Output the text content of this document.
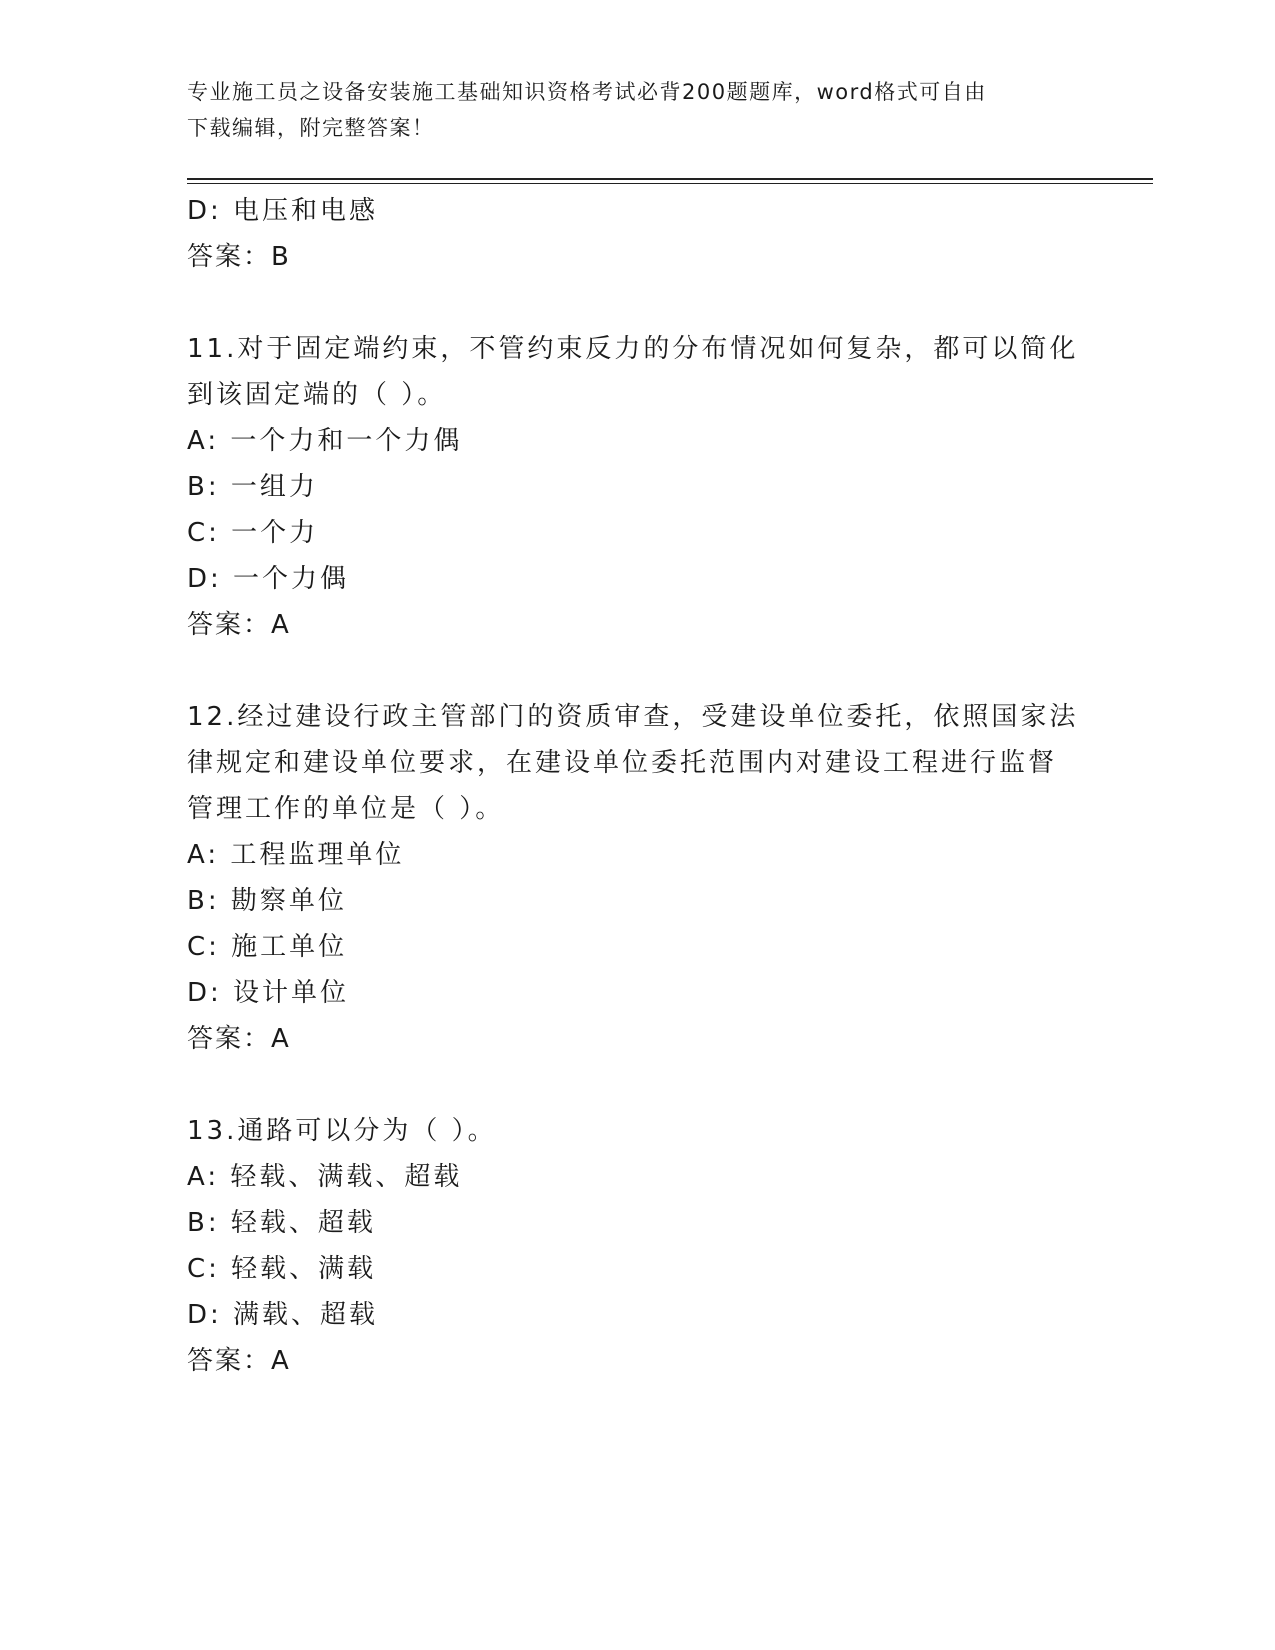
专业施工员之设备安装施工基础知识资格考试必背200题题库，word格式可自由
下载编辑，附完整答案！
D: 电压和电感
答案：B
11.对于固定端约束，不管约束反力的分布情况如何复杂，都可以简化
到该固定端的（ ）。
A: 一个力和一个力偶
B: 一组力
C: 一个力
D: 一个力偶
答案：A
12.经过建设行政主管部门的资质审查，受建设单位委托，依照国家法
律规定和建设单位要求，在建设单位委托范围内对建设工程进行监督
管理工作的单位是（ ）。
A: 工程监理单位
B: 勘察单位
C: 施工单位
D: 设计单位
答案：A
13.通路可以分为（ ）。
A: 轻载、满载、超载
B: 轻载、超载
C: 轻载、满载
D: 满载、超载
答案：A
